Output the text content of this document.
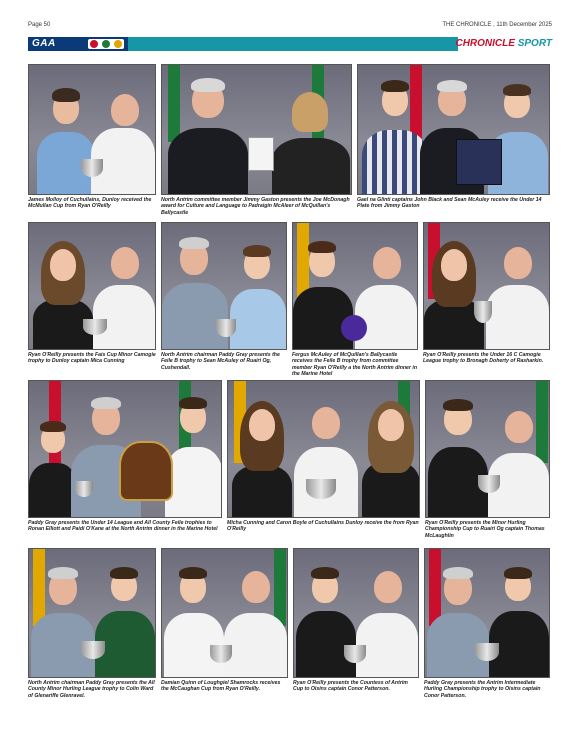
Page 50	THE CHRONICLE , 11th December 2025
GAA	CHRONICLE SPORT

James Molloy of Cuchullains, Dunloy received the McMullan Cup from Ryan O'Reilly

North Antrim committee member Jimmy Gaston presents the Joe McDonagh award for Culture and Language to Padraigín McAleer of McQuillan's Ballycastle

Gael na Glinti captains John Black and Sean McAuley receive the Under 14 Plate from Jimmy Gaston

Ryan O'Reilly presents the Fais Cup Minor Camogie trophy to Dunloy captain Mica Cunning

North Antrim chairman Paddy Gray presents the Feile B trophy to Sean McAuley of Ruairi Og, Cushendall.

Fergus McAuley of McQuillan's Ballycastle receives the Feile B trophy from committee member Ryan O'Reilly a the North Antrim dinner in the Marine Hotel

Ryan O'Reilly presents the Under 16 C Camogie League trophy to Bronagh Doherty of Rasharkin.

Paddy Gray presents the Under 14 League and All County Feile trophies to Ronan Elliott and Paidi O'Kane at the North Antrim dinner in the Marine Hotel

Micha Cunning and Caron Boyle of Cuchullains Dunloy receive the from Ryan O'Reilly

Ryan O'Reilly presents the Minor Hurling Championship Cup to Ruairi Og captain Thomas McLaughlin

North Antrim chairman Paddy Gray presents the All County Minor Hurling League trophy to Colin Ward of Glenariffe Glenravel.

Damian Quinn of Loughgiel Shamrocks receives the McCaughan Cup from Ryan O'Reilly.

Ryan O'Reilly presents the Countess of Antrim Cup to Oisins captain Conor Patterson.

Paddy Gray presents the Antrim Intermediate Hurling Championship trophy to Oisins captain Conor Patterson.
